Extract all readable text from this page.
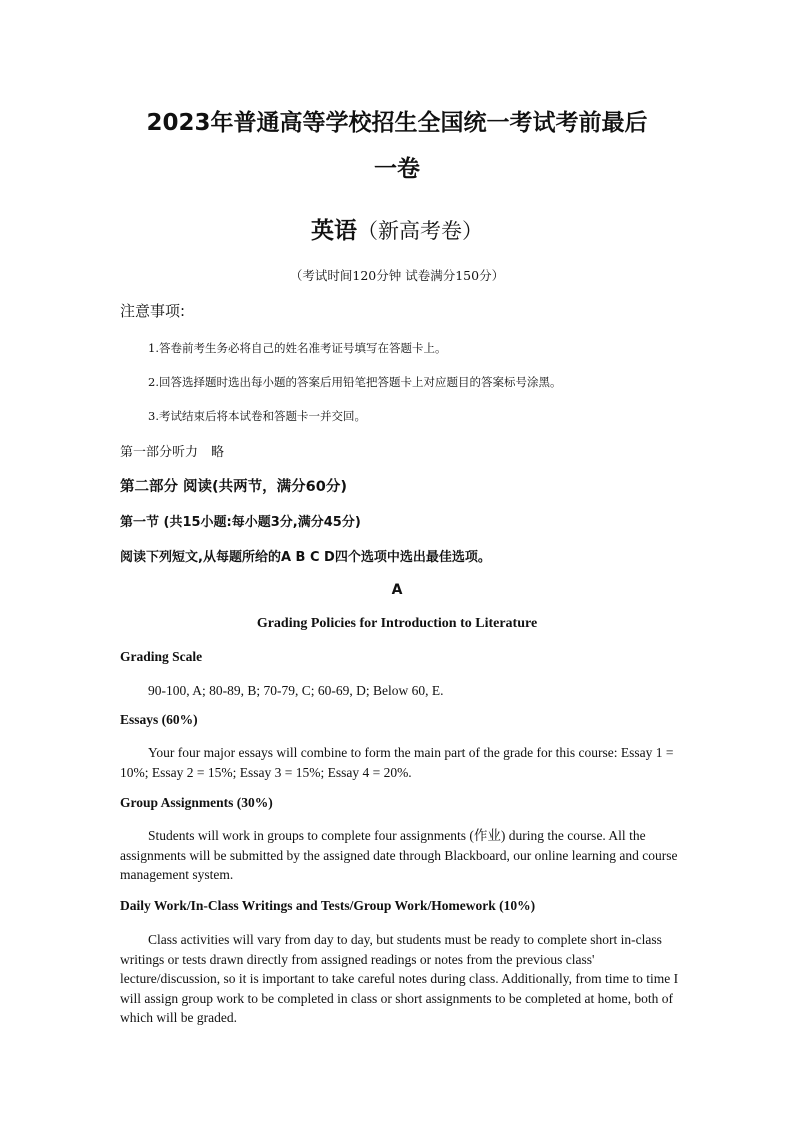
2023年普通高等学校招生全国统一考试考前最后
一卷
英语（新高考卷）
（考试时间120分钟 试卷满分150分）
注意事项:
1.答卷前考生务必将自己的姓名准考证号填写在答题卡上。
2.回答选择题时选出每小题的答案后用铅笔把答题卡上对应题目的答案标号涂黑。
3.考试结束后将本试卷和答题卡一并交回。
第一部分听力　略
第二部分 阅读(共两节，满分60分)
第一节 (共15小题:每小题3分,满分45分)
阅读下列短文,从每题所给的A B C D四个选项中选出最佳选项。
A
Grading Policies for Introduction to Literature
Grading Scale
90-100, A; 80-89, B; 70-79, C; 60-69, D; Below 60, E.
Essays (60%)
Your four major essays will combine to form the main part of the grade for this course: Essay 1 = 10%; Essay 2 = 15%; Essay 3 = 15%; Essay 4 = 20%.
Group Assignments (30%)
Students will work in groups to complete four assignments (作业) during the course. All the assignments will be submitted by the assigned date through Blackboard, our online learning and course management system.
Daily Work/In-Class Writings and Tests/Group Work/Homework (10%)
Class activities will vary from day to day, but students must be ready to complete short in-class writings or tests drawn directly from assigned readings or notes from the previous class' lecture/discussion, so it is important to take careful notes during class. Additionally, from time to time I will assign group work to be completed in class or short assignments to be completed at home, both of which will be graded.
